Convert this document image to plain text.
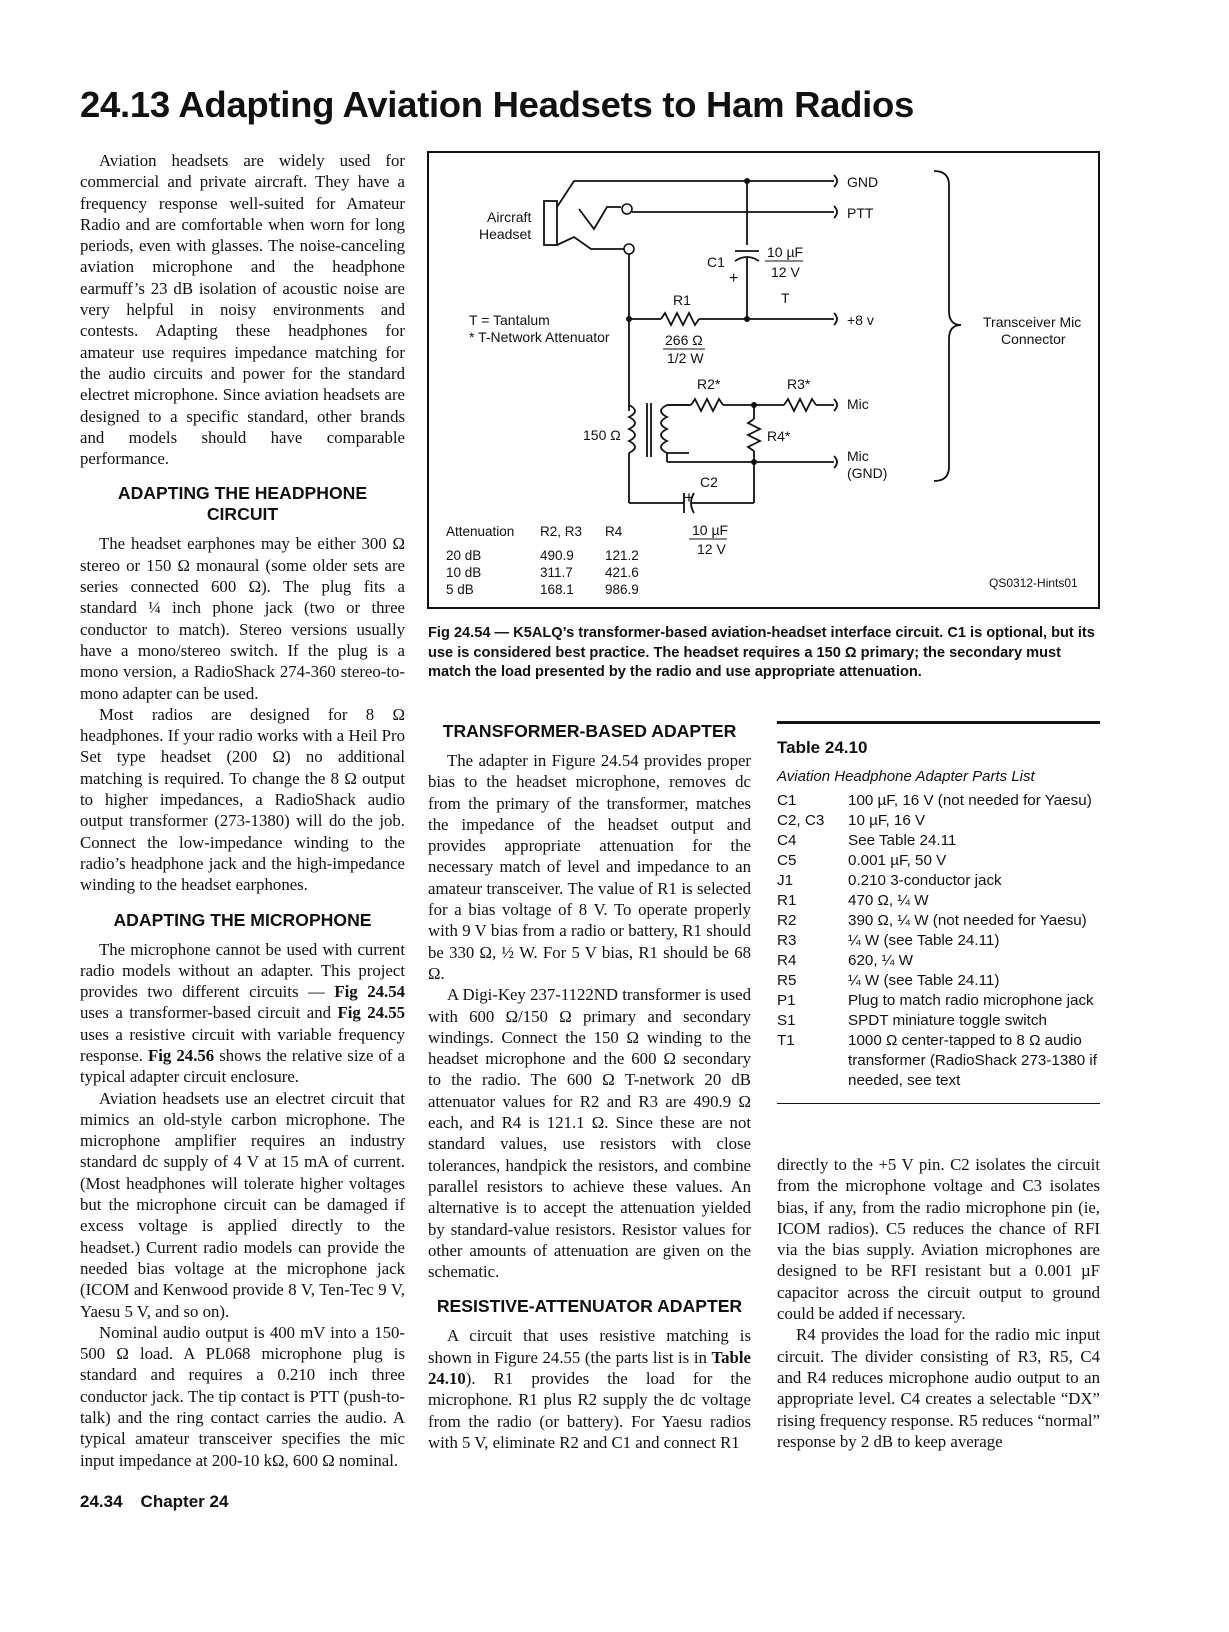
24.13 Adapting Aviation Headsets to Ham Radios

Aviation headsets are widely used for commercial and private aircraft. They have a frequency response well-suited for Amateur Radio and are comfortable when worn for long periods, even with glasses. The noise-canceling aviation microphone and the headphone earmuff’s 23 dB isolation of acoustic noise are very helpful in noisy environments and contests. Adapting these headphones for amateur use requires impedance matching for the audio circuits and power for the standard electret microphone. Since aviation headsets are designed to a specific standard, other brands and models should have comparable performance.

ADAPTING THE HEADPHONE CIRCUIT

The headset earphones may be either 300 Ω stereo or 150 Ω monaural (some older sets are series connected 600 Ω). The plug fits a standard ¼ inch phone jack (two or three conductor to match). Stereo versions usually have a mono/stereo switch. If the plug is a mono version, a RadioShack 274-360 stereo-to-mono adapter can be used.

Most radios are designed for 8 Ω headphones. If your radio works with a Heil Pro Set type headset (200 Ω) no additional matching is required. To change the 8 Ω output to higher impedances, a RadioShack audio output transformer (273-1380) will do the job. Connect the low-impedance winding to the radio’s headphone jack and the high-impedance winding to the headset earphones.

ADAPTING THE MICROPHONE

The microphone cannot be used with current radio models without an adapter. This project provides two different circuits — Fig 24.54 uses a transformer-based circuit and Fig 24.55 uses a resistive circuit with variable frequency response. Fig 24.56 shows the relative size of a typical adapter circuit enclosure.

Aviation headsets use an electret circuit that mimics an old-style carbon microphone. The microphone amplifier requires an industry standard dc supply of 4 V at 15 mA of current. (Most headphones will tolerate higher voltages but the microphone circuit can be damaged if excess voltage is applied directly to the headset.) Current radio models can provide the needed bias voltage at the microphone jack (ICOM and Kenwood provide 8 V, Ten-Tec 9 V, Yaesu 5 V, and so on).

Nominal audio output is 400 mV into a 150-500 Ω load. A PL068 microphone plug is standard and requires a 0.210 inch three conductor jack. The tip contact is PTT (push-to-talk) and the ring contact carries the audio. A typical amateur transceiver specifies the mic input impedance at 200-10 kΩ, 600 Ω nominal.

Aircraft
Headset
GND
PTT
C1
+
10 µF
12 V
T
R1
266 Ω
1/2 W
+8 v
T = Tantalum
* T-Network Attenuator
Transceiver Mic
Connector
R2*	R3*
R4*
Mic
Mic
(GND)
150 Ω
C2
+
10 µF
12 V
Attenuation R2, R3 R4
20 dB	490.9 121.2
10 dB	311.7 421.6
5 dB	168.1 986.9	QS0312-Hints01
Fig 24.54 — K5ALQ’s transformer-based aviation-headset interface circuit. C1 is optional, but its use is considered best practice. The headset requires a 150 Ω primary; the secondary must match the load presented by the radio and use appropriate attenuation.
TRANSFORMER-BASED ADAPTER

The adapter in Figure 24.54 provides proper bias to the headset microphone, removes dc from the primary of the transformer, matches the impedance of the headset output and provides appropriate attenuation for the necessary match of level and impedance to an amateur transceiver. The value of R1 is selected for a bias voltage of 8 V. To operate properly with 9 V bias from a radio or battery, R1 should be 330 Ω, ½ W. For 5 V bias, R1 should be 68 Ω.

A Digi-Key 237-1122ND transformer is used with 600 Ω/150 Ω primary and secondary windings. Connect the 150 Ω winding to the headset microphone and the 600 Ω secondary to the radio. The 600 Ω T-network 20 dB attenuator values for R2 and R3 are 490.9 Ω each, and R4 is 121.1 Ω. Since these are not standard values, use resistors with close tolerances, handpick the resistors, and combine parallel resistors to achieve these values. An alternative is to accept the attenuation yielded by standard-value resistors. Resistor values for other amounts of attenuation are given on the schematic.

RESISTIVE-ATTENUATOR ADAPTER

A circuit that uses resistive matching is shown in Figure 24.55 (the parts list is in Table 24.10). R1 provides the load for the microphone. R1 plus R2 supply the dc voltage from the radio (or battery). For Yaesu radios with 5 V, eliminate R2 and C1 and connect R1

Table 24.10
Aviation Headphone Adapter Parts List
C1	100 µF, 16 V (not needed for Yaesu)
C2, C3	10 µF, 16 V
C4	See Table 24.11
C5	0.001 µF, 50 V
J1	0.210 3-conductor jack
R1	470 Ω, ¼ W
R2	390 Ω, ¼ W (not needed for Yaesu)
R3	¼ W (see Table 24.11)
R4	620, ¼ W
R5	¼ W (see Table 24.11)
P1	Plug to match radio microphone jack
S1	SPDT miniature toggle switch
T1	1000 Ω center-tapped to 8 Ω audio transformer (RadioShack 273-1380 if needed, see text

directly to the +5 V pin. C2 isolates the circuit from the microphone voltage and C3 isolates bias, if any, from the radio microphone pin (ie, ICOM radios). C5 reduces the chance of RFI via the bias supply. Aviation microphones are designed to be RFI resistant but a 0.001 µF capacitor across the circuit output to ground could be added if necessary.

R4 provides the load for the radio mic input circuit. The divider consisting of R3, R5, C4 and R4 reduces microphone audio output to an appropriate level. C4 creates a selectable “DX” rising frequency response. R5 reduces “normal” response by 2 dB to keep average

24.34 Chapter 24
